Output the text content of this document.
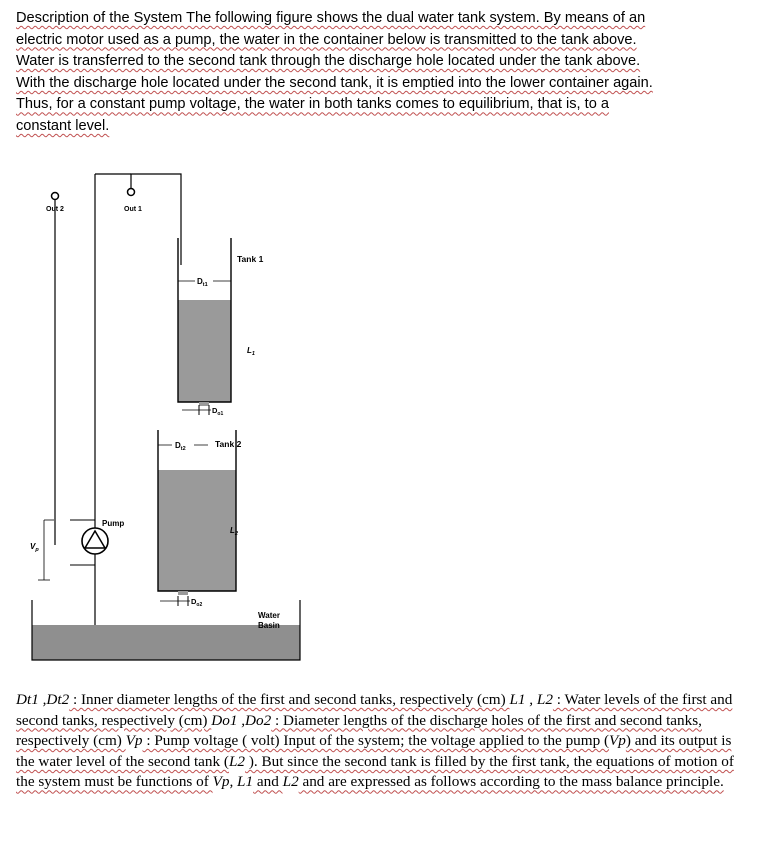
Description of the System The following figure shows the dual water tank system. By means of an
electric motor used as a pump, the water in the container below is transmitted to the tank above.
Water is transferred to the second tank through the discharge hole located under the tank above.
With the discharge hole located under the second tank, it is emptied into the lower container again.
Thus, for a constant pump voltage, the water in both tanks comes to equilibrium, that is, to a
constant level.
Out 2	Out 1
Tank 1
$D_{t1}$
$L_1$
$D_{o1}$
Tank 2
$D_{t2}$
$L_2$
$D_{o2}$
Pump
$V_p$
Water Basin
Dt1 ,Dt2 : Inner diameter lengths of the first and second tanks, respectively (cm) L1 , L2 : Water levels of the first and second tanks, respectively (cm) Do1 ,Do2 : Diameter lengths of the discharge holes of the first and second tanks, respectively (cm) Vp : Pump voltage ( volt) Input of the system; the voltage applied to the pump (Vp) and its output is the water level of the second tank (L2 ). But since the second tank is filled by the first tank, the equations of motion of the system must be functions of Vp, L1 and L2 and are expressed as follows according to the mass balance principle.
